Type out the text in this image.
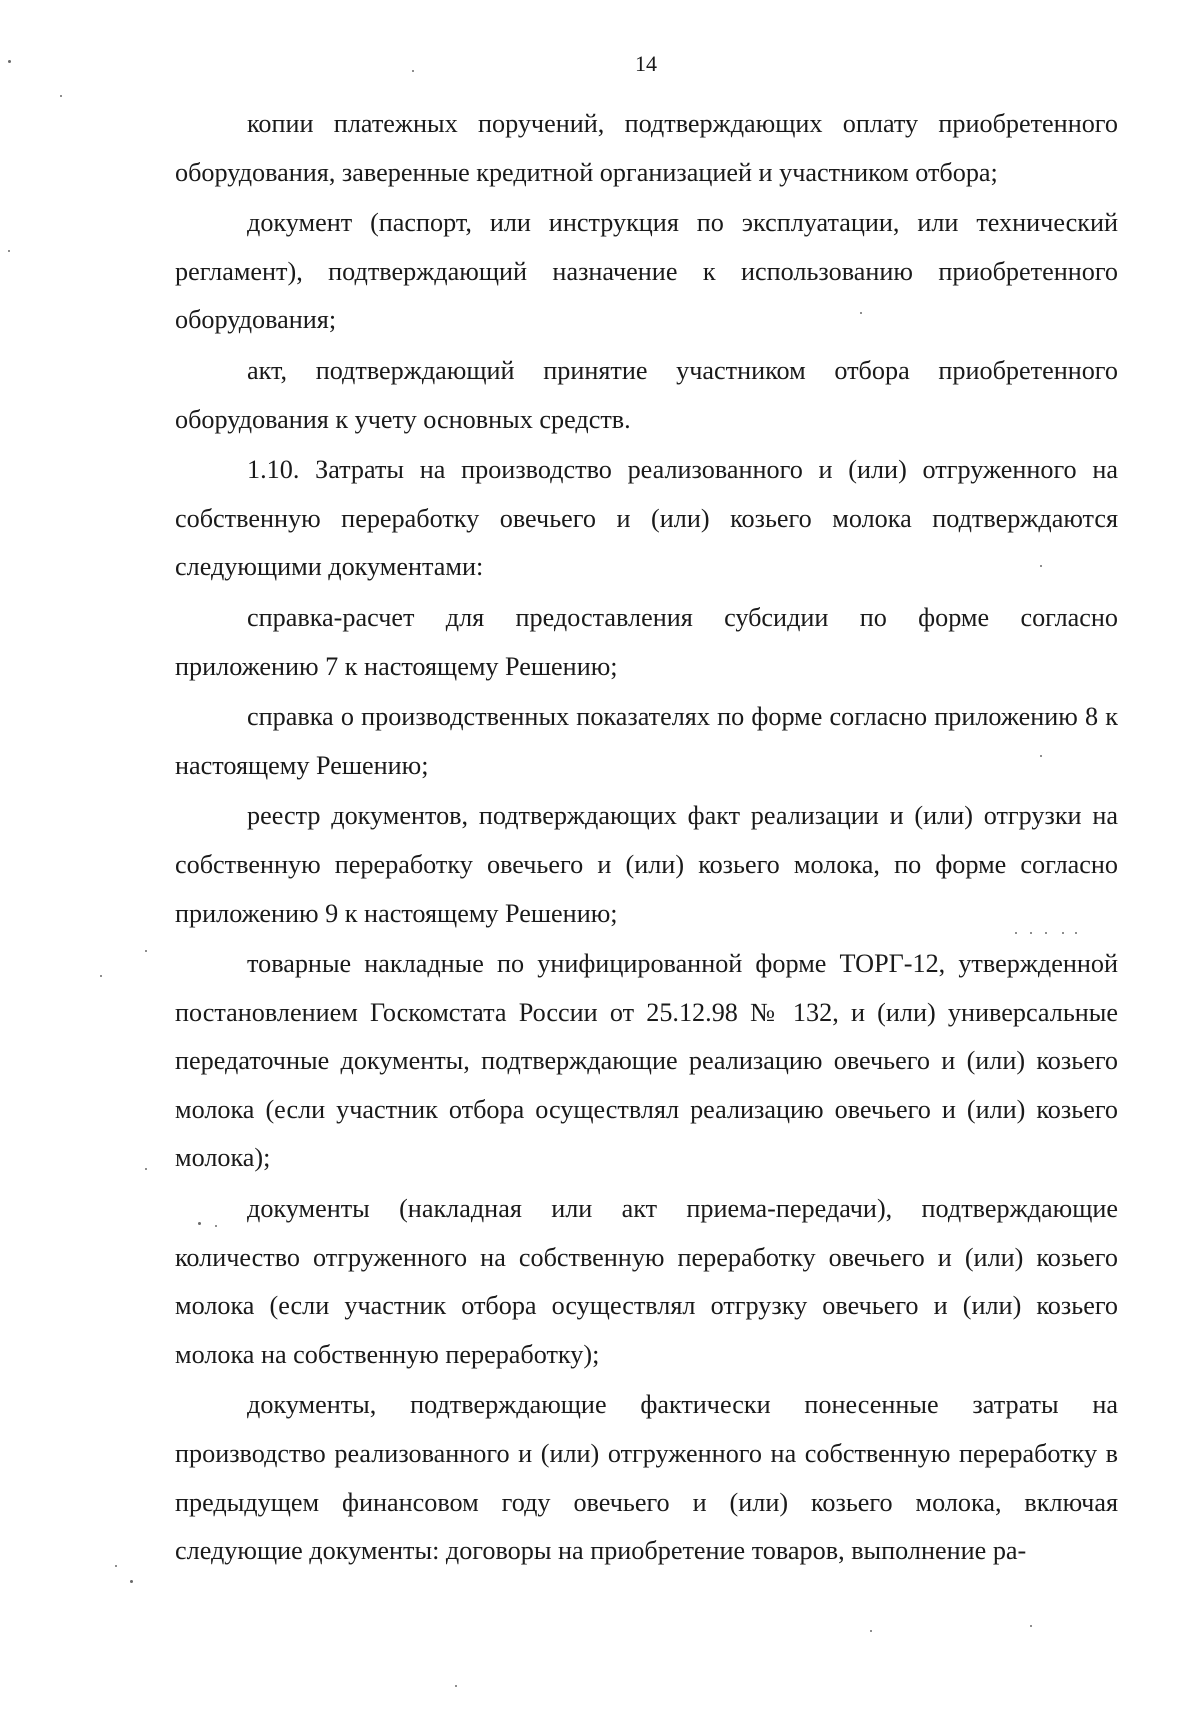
14

копии платежных поручений, подтверждающих оплату приобретенного оборудования, заверенные кредитной организацией и участником отбора;

документ (паспорт, или инструкция по эксплуатации, или технический регламент), подтверждающий назначение к использованию приобретенного оборудования;

акт, подтверждающий принятие участником отбора приобретенного оборудования к учету основных средств.

1.10. Затраты на производство реализованного и (или) отгруженного на собственную переработку овечьего и (или) козьего молока подтверждаются следующими документами:

справка-расчет для предоставления субсидии по форме согласно приложению 7 к настоящему Решению;

справка о производственных показателях по форме согласно приложению 8 к настоящему Решению;

реестр документов, подтверждающих факт реализации и (или) отгрузки на собственную переработку овечьего и (или) козьего молока, по форме согласно приложению 9 к настоящему Решению;

товарные накладные по унифицированной форме ТОРГ-12, утвержденной постановлением Госкомстата России от 25.12.98 № 132, и (или) универсальные передаточные документы, подтверждающие реализацию овечьего и (или) козьего молока (если участник отбора осуществлял реализацию овечьего и (или) козьего молока);

документы (накладная или акт приема-передачи), подтверждающие количество отгруженного на собственную переработку овечьего и (или) козьего молока (если участник отбора осуществлял отгрузку овечьего и (или) козьего молока на собственную переработку);

документы, подтверждающие фактически понесенные затраты на производство реализованного и (или) отгруженного на собственную переработку в предыдущем финансовом году овечьего и (или) козьего молока, включая следующие документы: договоры на приобретение товаров, выполнение ра-
